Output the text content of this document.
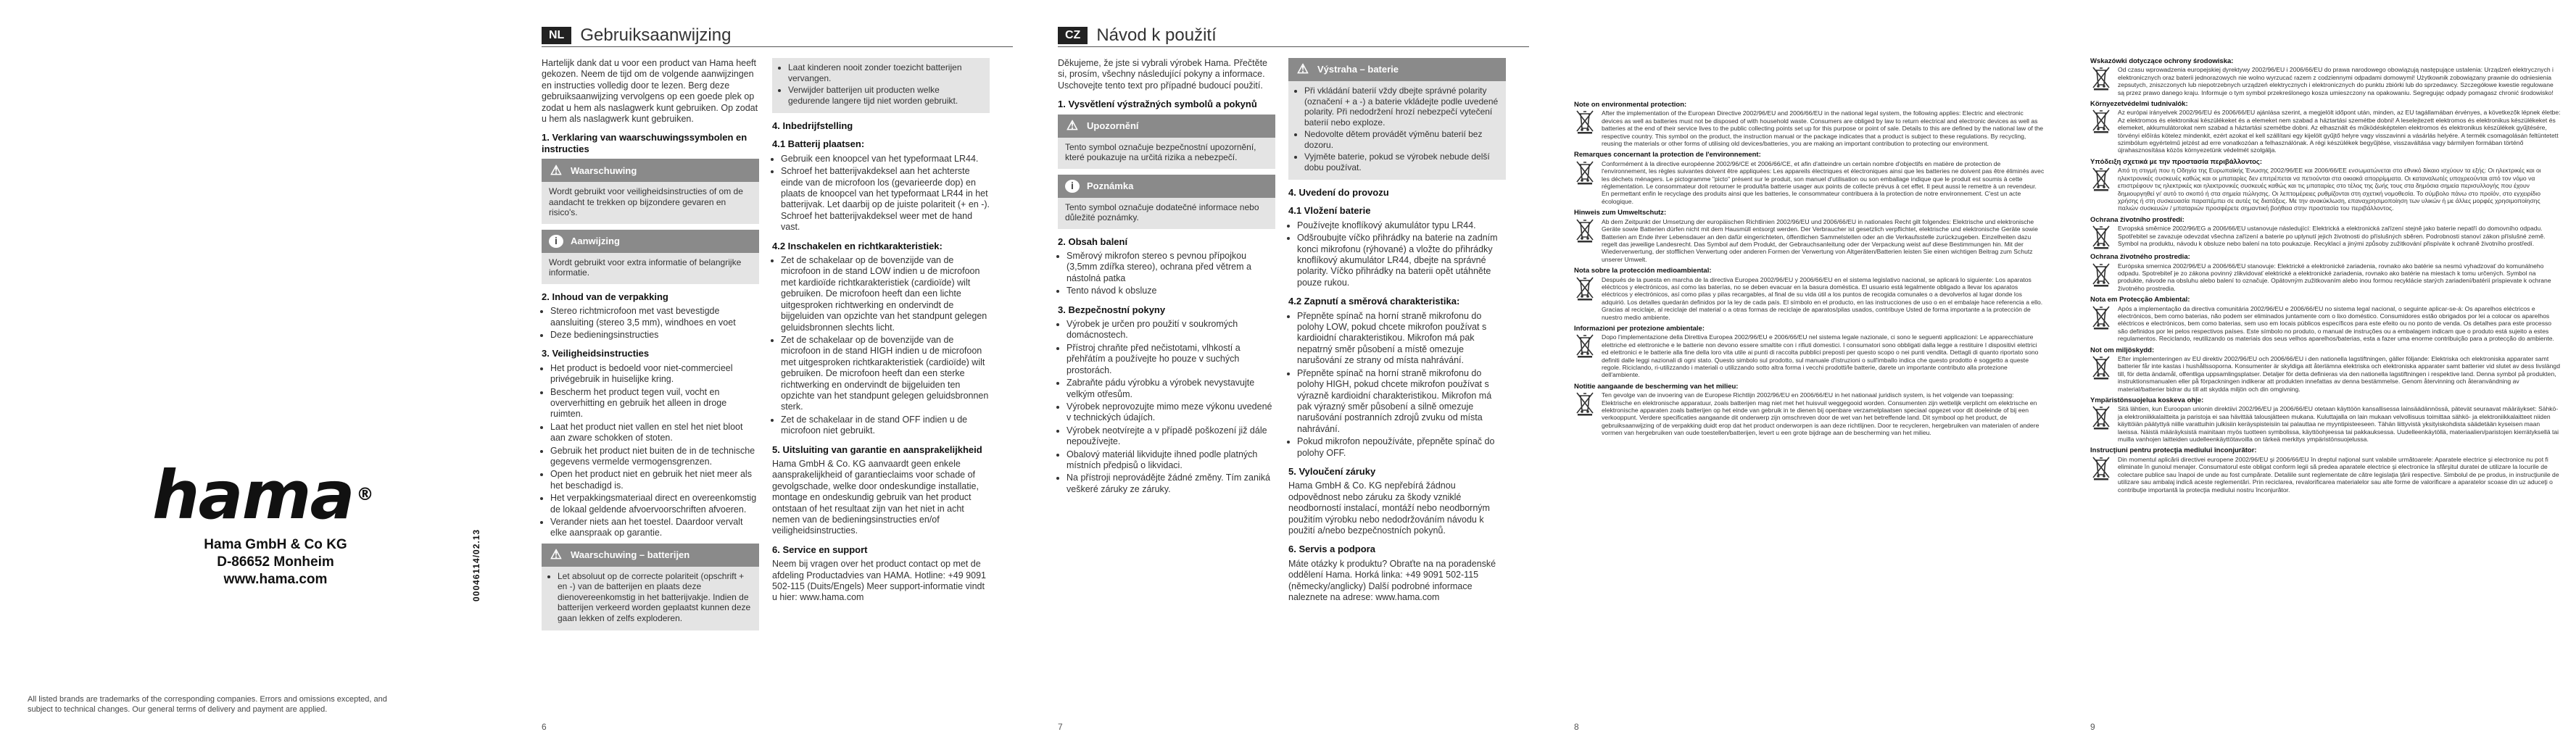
hama ®
Hama GmbH & Co KG
D-86652 Monheim
www.hama.com	00046114/02.13
All listed brands are trademarks of the corresponding companies. Errors and omissions excepted, and subject to technical changes. Our general terms of delivery and payment are applied.
NL Gebruiksaanwijzing

Hartelijk dank dat u voor een product van Hama heeft gekozen. Neem de tijd om de volgende aanwijzingen en instructies volledig door te lezen. Berg deze gebruiksaanwijzing vervolgens op een goede plek op zodat u hem als naslagwerk kunt gebruiken. Op zodat u hem als naslagwerk kunt gebruiken.

1. Verklaring van waarschuwingssymbolen en instructies
⚠ Waarschuwing
Wordt gebruikt voor veiligheidsinstructies of om de aandacht te trekken op bijzondere gevaren en risico's.
i	Aanwijzing
Wordt gebruikt voor extra informatie of belangrijke informatie.
2. Inhoud van de verpakking
• Stereo richtmicrofoon met vast bevestigde aansluiting (stereo 3,5 mm), windhoes en voet
• Deze bedieningsinstructies
3. Veiligheidsinstructies
• Het product is bedoeld voor niet-commercieel privégebruik in huiselijke kring.
• Bescherm het product tegen vuil, vocht en oververhitting en gebruik het alleen in droge ruimten.
• Laat het product niet vallen en stel het niet bloot aan zware schokken of stoten.
• Gebruik het product niet buiten de in de technische gegevens vermelde vermogensgrenzen.
• Open het product niet en gebruik het niet meer als het beschadigd is.
• Het verpakkingsmateriaal direct en overeenkomstig de lokaal geldende afvoervoorschriften afvoeren.
• Verander niets aan het toestel. Daardoor vervalt elke aanspraak op garantie.
⚠ Waarschuwing – batterijen
• Let absoluut op de correcte polariteit (opschrift + en -) van de batterijen en plaats deze dienovereenkomstig in het batterijvakje. Indien de batterijen verkeerd worden geplaatst kunnen deze gaan lekken of zelfs exploderen.
• Laat kinderen nooit zonder toezicht batterijen vervangen.
• Verwijder batterijen uit producten welke gedurende langere tijd niet worden gebruikt.
4. Inbedrijfstelling
4.1 Batterij plaatsen:
• Gebruik een knoopcel van het typeformaat LR44.
• Schroef het batterijvakdeksel aan het achterste einde van de microfoon los (gevarieerde dop) en plaats de knoopcel van het typeformaat LR44 in het batterijvak. Let daarbij op de juiste polariteit (+ en -). Schroef het batterijvakdeksel weer met de hand vast.
4.2 Inschakelen en richtkarakteristiek:
• Zet de schakelaar op de bovenzijde van de microfoon in de stand LOW indien u de microfoon met kardioïde richtkarakteristiek (cardioïde) wilt gebruiken. De microfoon heeft dan een lichte uitgesproken richtwerking en ondervindt de bijgeluiden van opzichte van het standpunt gelegen geluidsbronnen slechts licht.
• Zet de schakelaar op de bovenzijde van de microfoon in de stand HIGH indien u de microfoon met uitgesproken richtkarakteristiek (cardioïde) wilt gebruiken. De microfoon heeft dan een sterke richtwerking en ondervindt de bijgeluiden ten opzichte van het standpunt gelegen geluidsbronnen sterk.
• Zet de schakelaar in de stand OFF indien u de microfoon niet gebruikt.
5. Uitsluiting van garantie en aansprakelijkheid

Hama GmbH & Co. KG aanvaardt geen enkele aansprakelijkheid of garantieclaims voor schade of gevolgschade, welke door ondeskundige installatie, montage en ondeskundig gebruik van het product ontstaan of het resultaat zijn van het niet in acht nemen van de bedieningsinstructies en/of veiligheidsinstructies.

6. Service en support

Neem bij vragen over het product contact op met de afdeling Productadvies van HAMA. Hotline: +49 9091 502-115 (Duits/Engels) Meer support-informatie vindt u hier: www.hama.com

6
CZ Návod k použití

Děkujeme, že jste si vybrali výrobek Hama. Přečtěte si, prosím, všechny následující pokyny a informace. Uschovejte tento text pro případné budoucí použití.

1. Vysvětlení výstražných symbolů a pokynů
⚠ Upozornění
Tento symbol označuje bezpečnostní upozornění, které poukazuje na určitá rizika a nebezpečí.
i	Poznámka
Tento symbol označuje dodatečné informace nebo důležité poznámky.
2. Obsah balení
• Směrový mikrofon stereo s pevnou přípojkou (3,5mm zdířka stereo), ochrana před větrem a nástolná patka
• Tento návod k obsluze
3. Bezpečnostní pokyny
• Výrobek je určen pro použití v soukromých domácnostech.
• Přístroj chraňte před nečistotami, vlhkostí a přehřátím a používejte ho pouze v suchých prostorách.
• Zabraňte pádu výrobku a výrobek nevystavujte velkým otřesům.
• Výrobek neprovozujte mimo meze výkonu uvedené v technických údajích.
• Výrobek neotvírejte a v případě poškození již dále nepoužívejte.
• Obalový materiál likvidujte ihned podle platných místních předpisů o likvidaci.
• Na přístroji neprovádějte žádné změny. Tím zaniká veškeré záruky ze záruky.
⚠ Výstraha – baterie
• Při vkládání baterií vždy dbejte správné polarity (označení + a -) a baterie vkládejte podle uvedené polarity. Při nedodržení hrozí nebezpečí vytečení baterií nebo exploze.
• Nedovolte dětem provádět výměnu baterií bez dozoru.
• Vyjměte baterie, pokud se výrobek nebude delší dobu používat.
4. Uvedení do provozu
4.1 Vložení baterie
• Používejte knoflíkový akumulátor typu LR44.
• Odšroubujte víčko přihrádky na baterie na zadním konci mikrofonu (rýhované) a vložte do přihrádky knoflíkový akumulátor LR44, dbejte na správné polarity. Víčko přihrádky na baterii opět utáhněte pouze rukou.
4.2 Zapnutí a směrová charakteristika:
• Přepněte spínač na horní straně mikrofonu do polohy LOW, pokud chcete mikrofon používat s kardioidní charakteristikou. Mikrofon má pak nepatrný směr působení a místě omezuje narušování ze strany od místa nahrávání.
• Přepněte spínač na horní straně mikrofonu do polohy HIGH, pokud chcete mikrofon používat s výrazně kardioidní charakteristikou. Mikrofon má pak výrazný směr působení a silně omezuje narušování postranních zdrojů zvuku od místa nahrávání.
• Pokud mikrofon nepoužíváte, přepněte spínač do polohy OFF.
5. Vyloučení záruky

Hama GmbH & Co. KG nepřebírá žádnou odpovědnost nebo záruku za škody vzniklé neodborností instalací, montáží nebo neodborným použitím výrobku nebo nedodržováním návodu k použití a/nebo bezpečnostních pokynů.

6. Servis a podpora

Máte otázky k produktu? Obraťte na na poradenské oddělení Hama. Horká linka: +49 9091 502-115 (německy/anglicky) Další podrobné informace naleznete na adrese: www.hama.com

7
Note on environmental protection:
After the implementation of the European Directive 2002/96/EU and 2006/66/EU in the national legal system, the following applies: Electric and electronic devices as well as batteries must not be disposed of with household waste. Consumers are obliged by law to return electrical and electronic devices as well as batteries at the end of their service lives to the public collecting points set up for this purpose or point of sale. Details to this are defined by the national law of the respective country. This symbol on the product, the instruction manual or the package indicates that a product is subject to these regulations. By recycling, reusing the materials or other forms of utilising old devices/batteries, you are making an important contribution to protecting our environment.
Remarques concernant la protection de l'environnement:
Conformément à la directive européenne 2002/96/CE et 2006/66/CE, et afin d'atteindre un certain nombre d'objectifs en matière de protection de l'environnement, les règles suivantes doivent être appliquées: Les appareils électriques et électroniques ainsi que les batteries ne doivent pas être éliminés avec les déchets ménagers. Le pictogramme "picto" présent sur le produit, son manuel d'utilisation ou son emballage indique que le produit est soumis à cette réglementation. Le consommateur doit retourner le produit/la batterie usager aux points de collecte prévus à cet effet. Il peut aussi le remettre à un revendeur. En permettant enfin le recyclage des produits ainsi que les batteries, le consommateur contribuera à la protection de notre environnement. C'est un acte écologique.
Hinweis zum Umweltschutz:
Ab dem Zeitpunkt der Umsetzung der europäischen Richtlinien 2002/96/EU und 2006/66/EU in nationales Recht gilt folgendes: Elektrische und elektronische Geräte sowie Batterien dürfen nicht mit dem Hausmüll entsorgt werden. Der Verbraucher ist gesetzlich verpflichtet, elektrische und elektronische Geräte sowie Batterien am Ende ihrer Lebensdauer an den dafür eingerichteten, öffentlichen Sammelstellen oder an die Verkaufsstelle zurückzugeben. Einzelheiten dazu regelt das jeweilige Landesrecht. Das Symbol auf dem Produkt, der Gebrauchsanleitung oder der Verpackung weist auf diese Bestimmungen hin. Mit der Wiederverwertung, der stofflichen Verwertung oder anderen Formen der Verwertung von Altgeräten/Batterien leisten Sie einen wichtigen Beitrag zum Schutz unserer Umwelt.
Nota sobre la protección medioambiental:
Después de la puesta en marcha de la directiva Europea 2002/96/EU y 2006/66/EU en el sistema legislativo nacional, se aplicará lo siguiente: Los aparatos eléctricos y electrónicos, así como las baterías, no se deben evacuar en la basura doméstica. El usuario está legalmente obligado a llevar los aparatos eléctricos y electrónicos, así como pilas y pilas recargables, al final de su vida útil a los puntos de recogida comunales o a devolverlos al lugar donde los adquirió. Los detalles quedarán definidos por la ley de cada país. El símbolo en el producto, en las instrucciones de uso o en el embalaje hace referencia a ello. Gracias al reciclaje, al reciclaje del material o a otras formas de reciclaje de aparatos/pilas usados, contribuye Usted de forma importante a la protección de nuestro medio ambiente.
Informazioni per protezione ambientale:
Dopo l'implementazione della Direttiva Europea 2002/96/EU e 2006/66/EU nel sistema legale nazionale, ci sono le seguenti applicazioni: Le apparecchiature elettriche ed elettroniche e le batterie non devono essere smaltite con i rifiuti domestici. I consumatori sono obbligati dalla legge a restituire I dispositivi elettrici ed elettronici e le batterie alla fine della loro vita utile ai punti di raccolta pubblici preposti per questo scopo o nei punti vendita. Dettagli di quanto riportato sono definiti dalle leggi nazionali di ogni stato. Questo simbolo sul prodotto, sul manuale d'istruzioni o sull'imballo indica che questo prodotto è soggetto a queste regole. Riciclando, ri-utilizzando i materiali o utilizzando sotto altra forma i vecchi prodotti/le batterie, darete un importante contributo alla protezione dell'ambiente.
Notitie aangaande de bescherming van het milieu:
Ten gevolge van de invoering van de Europese Richtlijn 2002/96/EU en 2006/66/EU in het nationaal juridisch system, is het volgende van toepassing: Elektrische en elektronische apparatuur, zoals batterijen mag niet met het huisvuil weggegooid worden. Consumenten zijn wettelijk verplicht om elektrische en elektronische apparaten zoals batterijen op het einde van gebruik in te dienen bij openbare verzamelplaatsen speciaal opgezet voor dit doeleinde of bij een verkooppunt. Verdere specificaties aangaande dit onderwerp zijn omschreven door de wet van het betreffende land. Dit symbool op het product, de gebruiksaanwijzing of de verpakking duidt erop dat het product onderworpen is aan deze richtlijnen. Door te recycleren, hergebruiken van materialen of andere vormen van hergebruiken van oude toestellen/batterijen, levert u een grote bijdrage aan de bescherming van het milieu.
8
Wskazówki dotyczące ochrony środowiska:
Od czasu wprowadzenia europejskiej dyrektywy 2002/96/EU i 2006/66/EU do prawa narodowego obowiązują następujące ustalenia: Urządzeń elektrycznych i elektronicznych oraz baterii jednorazowych nie wolno wyrzucać razem z codziennymi odpadami domowymi! Użytkownik zobowiązany prawnie do odniesienia zepsutych, zniszczonych lub niepotrzebnych urządzeń elektrycznych i elektronicznych do punktu zbiórki lub do sprzedawcy. Szczegółowe kwestie regulowane są przez prawo danego kraju. Informuje o tym symbol przekreślonego kosza umieszczony na opakowaniu. Segregując odpady pomagasz chronić środowisko!
Környezetvédelmi tudnivalók:
Az európai irányelvek 2002/96/EU és 2006/66/EU ajánlása szerint, a megjelölt időpont után, minden, az EU tagállamában érvényes, a következők lépnek életbe: Az elektromos és elektronikai készülékeket és a elemeket nem szabad a háztartási szemétbe dobni! A leselejtezett elektromos és elektronikus készülékeket és elemeket, akkumulátorokat nem szabad a háztartási szemétbe dobni. Az elhasznált és működésképtelen elektromos és elektronikus készülékek gyűjtésére, törvényi előírás kötelez mindenkit, ezért azokat el kell szállítani egy kijelölt gyűjtő helyre vagy visszavinni a vásárlás helyére. A termék csomagolásán feltüntetett szimbólum egyértelmű jelzést ad erre vonatkozóan a felhasználónak. A régi készülékek begyűjtése, visszaváltása vagy bármilyen formában történő újrahasznosítása közös környezetünk védelmét szolgálja.
Υπόδειξη σχετικά με την προστασία περιβάλλοντος:
Από τη στιγμή που η Οδηγία της Ευρωπαϊκής Ένωσης 2002/96/ΕΕ και 2006/66/ΕΕ ενσωματώνεται στο εθνικό δίκαιο ισχύουν τα εξής: Οι ηλεκτρικές και οι ηλεκτρονικές συσκευές καθώς και οι μπαταρίες δεν επιτρέπεται να πετιούνται στα οικιακά απορρίμματα. Οι καταναλωτές υποχρεούνται από τον νόμο να επιστρέφουν τις ηλεκτρικές και ηλεκτρονικές συσκευές καθώς και τις μπαταρίες στο τέλος της ζωής τους στα δημόσια σημεία περισυλλογής που έχουν δημιουργηθεί γι' αυτό το σκοπό ή στα σημεία πώλησης. Οι λεπτομέρειες ρυθμίζονται στη σχετική νομοθεσία. Το σύμβολο πάνω στο προϊόν, στο εγχειρίδιο χρήσης ή στη συσκευασία παραπέμπει σε αυτές τις διατάξεις. Με την ανακύκλωση, επαναχρησιμοποίηση των υλικών ή με άλλες μορφές χρησιμοποίησης παλιών συσκευών / μπαταριών προσφέρετε σημαντική βοήθεια στην προστασία του περιβάλλοντος.
Ochrana životního prostředí:
Evropská směrnice 2002/96/EG a 2006/66/EU ustanovuje následující: Elektrická a elektronická zařízení stejně jako baterie nepatří do domovního odpadu. Spotřebitel se zavazuje odevzdat všechna zařízení a baterie po uplynutí jejich životnosti do příslušných sběren. Podrobnosti stanoví zákon příslušné země. Symbol na produktu, návodu k obsluze nebo balení na toto poukazuje. Recyklací a jinými způsoby zužitkování přispíváte k ochraně životního prostředí.
Ochrana životného prostredia:
Európska smernica 2002/96/EU a 2006/66/EU stanovuje: Elektrické a elektronické zariadenia, rovnako ako batérie sa nesmú vyhadzovať do komunálneho odpadu. Spotrebiteľ je zo zákona povinný zlikvidovať elektrické a elektronické zariadenia, rovnako ako batérie na miestach k tomu určených. Symbol na produkte, návode na obsluhu alebo balení to označuje. Opätovným zužitkovaním alebo inou formou recyklácie starých zariadení/batérií prispievate k ochrane životného prostredia.
Nota em Protecção Ambiental:
Após a implementação da directiva comunitária 2002/96/EU e 2006/66/EU no sistema legal nacional, o seguinte aplicar-se-á: Os aparelhos eléctricos e electrónicos, bem como baterias, não podem ser eliminados juntamente com o lixo doméstico. Consumidores estão obrigados por lei a colocar os aparelhos eléctricos e electrónicos, bem como baterias, sem uso em locais públicos específicos para este efeito ou no ponto de venda. Os detalhes para este processo são definidos por lei pelos respectivos países. Este símbolo no produto, o manual de instruções ou a embalagem indicam que o produto está sujeito a estes regulamentos. Reciclando, reutilizando os materiais dos seus velhos aparelhos/baterias, esta a fazer uma enorme contribuição para a protecção do ambiente.
Not om miljöskydd:
Efter implementeringen av EU direktiv 2002/96/EU och 2006/66/EU i den nationella lagstiftningen, gäller följande: Elektriska och elektroniska apparater samt batterier får inte kastas i hushållssoporna. Konsumenter är skyldiga att återlämna elektriska och elektroniska apparater samt batterier vid slutet av dess livslängd till, för detta ändamål, offentliga uppsamlingsplatser. Detaljer för detta definieras via den nationella lagstiftningen i respektive land. Denna symbol på produkten, instruktionsmanualen eller på förpackningen indikerar att produkten innefattas av denna bestämmelse. Genom återvinning och återanvändning av material/batterier bidrar du till att skydda miljön och din omgivning.
Ympäristönsuojelua koskeva ohje:
Sitä lähtien, kun Euroopan unionin direktiivi 2002/96/EU ja 2006/66/EU otetaan käyttöön kansallisessa lainsäädännössä, pätevät seuraavat määräykset: Sähkö- ja elektroniikkalaitteita ja paristoja ei saa hävittää talousjätteen mukana. Kuluttajalla on lain mukaan velvollisuus toimittaa sähkö- ja elektroniikkalaitteet niiden käyttöiän päätyttyä niille varattuihin julkisiin keräyspisteisiin tai palauttaa ne myyntipisteeseen. Tähän liittyvistä yksityiskohdista säädetään kyseisen maan laeissa. Näistä määräyksistä mainitaan myös tuotteen symbolissa, käyttöohjeessa tai pakkauksessa. Uudelleenkäytöllä, materiaalien/paristojen kierrätyksellä tai muilla vanhojen laitteiden uudelleenkäyttötavoilla on tärkeä merkitys ympäristönsuojelussa.
Instrucţiuni pentru protecţia mediului înconjurător:
Din momentul aplicării directivei europene 2002/96/EU şi 2006/66/EU în dreptul naţional sunt valabile următoarele: Aparatele electrice şi electronice nu pot fi eliminate în gunoiul menajer. Consumatorul este obligat conform legii să predea aparatele electrice şi electronice la sfârşitul duratei de utilizare la locurile de colectare publice sau înapoi de unde au fost cumpărate. Detaliile sunt reglementate de către legislaţia ţării respective. Simbolul de pe produs, in instrucţiunile de utilizare sau ambalaj indică aceste reglementări. Prin reciclarea, revalorificarea materialelor sau alte forme de valorificare a aparatelor scoase din uz aduceţi o contribuţie importantă la protecţia mediului nostru înconjurător.
9
